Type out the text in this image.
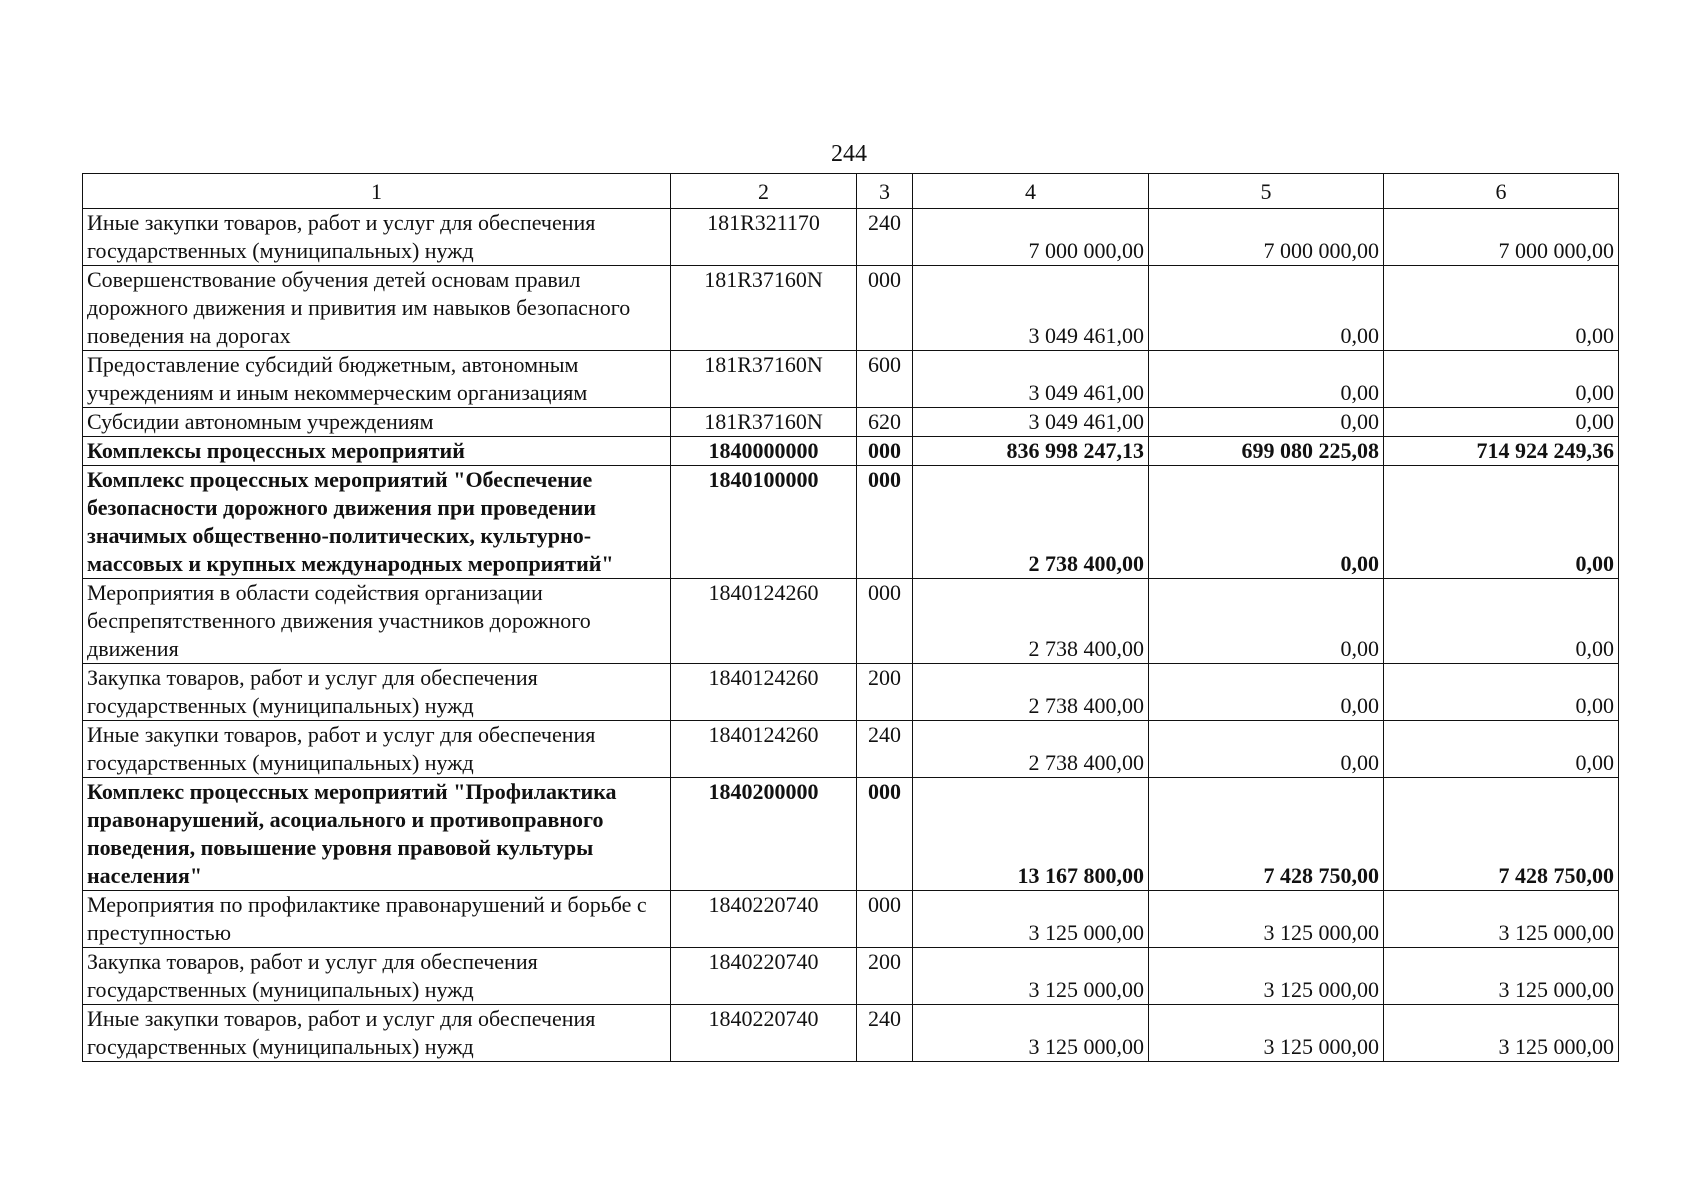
244
1	2	3	4	5	6
Иные закупки товаров, работ и услуг для обеспечения государственных (муниципальных) нужд	181R321170	240	7 000 000,00	7 000 000,00	7 000 000,00
Совершенствование обучения детей основам правил дорожного движения и привития им навыков безопасного поведения на дорогах	181R37160N	000	3 049 461,00	0,00	0,00
Предоставление субсидий бюджетным, автономным учреждениям и иным некоммерческим организациям	181R37160N	600	3 049 461,00	0,00	0,00
Субсидии автономным учреждениям	181R37160N	620	3 049 461,00	0,00	0,00
Комплексы процессных мероприятий	1840000000	000	836 998 247,13	699 080 225,08	714 924 249,36
Комплекс процессных мероприятий "Обеспечение безопасности дорожного движения при проведении значимых общественно-политических, культурно-массовых и крупных международных мероприятий"	1840100000	000	2 738 400,00	0,00	0,00
Мероприятия в области содействия организации беспрепятственного движения участников дорожного движения	1840124260	000	2 738 400,00	0,00	0,00
Закупка товаров, работ и услуг для обеспечения государственных (муниципальных) нужд	1840124260	200	2 738 400,00	0,00	0,00
Иные закупки товаров, работ и услуг для обеспечения государственных (муниципальных) нужд	1840124260	240	2 738 400,00	0,00	0,00
Комплекс процессных мероприятий "Профилактика правонарушений, асоциального и противоправного поведения, повышение уровня правовой культуры населения"	1840200000	000	13 167 800,00	7 428 750,00	7 428 750,00
Мероприятия по профилактике правонарушений и борьбе с преступностью	1840220740	000	3 125 000,00	3 125 000,00	3 125 000,00
Закупка товаров, работ и услуг для обеспечения государственных (муниципальных) нужд	1840220740	200	3 125 000,00	3 125 000,00	3 125 000,00
Иные закупки товаров, работ и услуг для обеспечения государственных (муниципальных) нужд	1840220740	240	3 125 000,00	3 125 000,00	3 125 000,00
